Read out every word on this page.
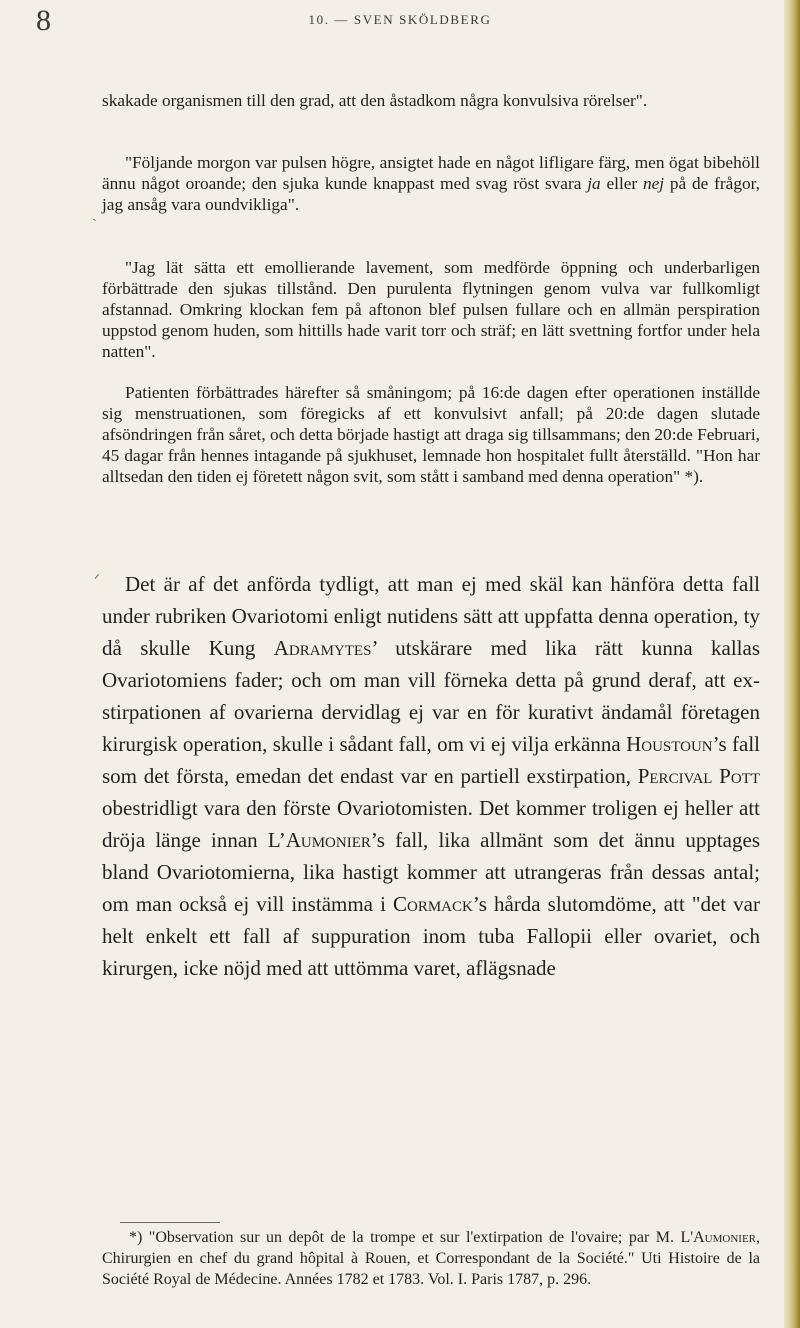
8	10. — SVEN SKÖLDBERG

skakade organismen till den grad, att den åstadkom några konvulsiva rörelser".

"Följande morgon var pulsen högre, ansigtet hade en något lifligare färg, men ögat bibehöll ännu något oroande; den sjuka kunde knappast med svag röst svara ja eller nej på de frågor, jag ansåg vara oundvikliga".

"Jag lät sätta ett emollierande lavement, som medförde öppning och underbarligen förbättrade den sjukas tillstånd. Den purulenta flytningen genom vulva var fullkomligt afstannad. Omkring klockan fem på aftonon blef pulsen fullare och en allmän perspiration uppstod genom huden, som hittills hade varit torr och sträf; en lätt svettning fortfor under hela natten".

Patienten förbättrades härefter så småningom; på 16:de dagen efter operationen inställde sig menstruationen, som föregicks af ett konvulsivt anfall; på 20:de dagen slutade afsöndringen från såret, och detta började hastigt att draga sig tillsammans; den 20:de Februari, 45 dagar från hennes intagande på sjukhuset, lemnade hon hospitalet fullt återställd. "Hon har alltsedan den tiden ej företett någon svit, som stått i samband med denna operation" *).

Det är af det anförda tydligt, att man ej med skäl kan hänföra detta fall under rubriken Ovariotomi enligt nutidens sätt att uppfatta denna operation, ty då skulle Kung Adramytes’ utskärare med lika rätt kunna kallas Ovariotomiens fader; och om man vill förneka detta på grund deraf, att exstirpationen af ovarierna dervidlag ej var en för kurativt ändamål företagen kirurgisk operation, skulle i sådant fall, om vi ej vilja erkänna Houstoun’s fall som det första, emedan det endast var en partiell exstirpation, Percival Pott obestridligt vara den förste Ovariotomisten. Det kommer troligen ej heller att dröja länge innan L’Aumonier’s fall, lika allmänt som det ännu upptages bland Ovariotomierna, lika hastigt kommer att utrangeras från dessas antal; om man också ej vill instämma i Cormack’s hårda slutomdöme, att "det var helt enkelt ett fall af suppuration inom tuba Fallopii eller ovariet, och kirurgen, icke nöjd med att uttömma varet, aflägsnade

*) "Observation sur un depôt de la trompe et sur l'extirpation de l'ovaire; par M. L'Aumonier, Chirurgien en chef du grand hôpital à Rouen, et Correspondant de la Société." Uti Histoire de la Société Royal de Médecine. Années 1782 et 1783. Vol. I. Paris 1787, p. 296.

ˎ
ᐟ
